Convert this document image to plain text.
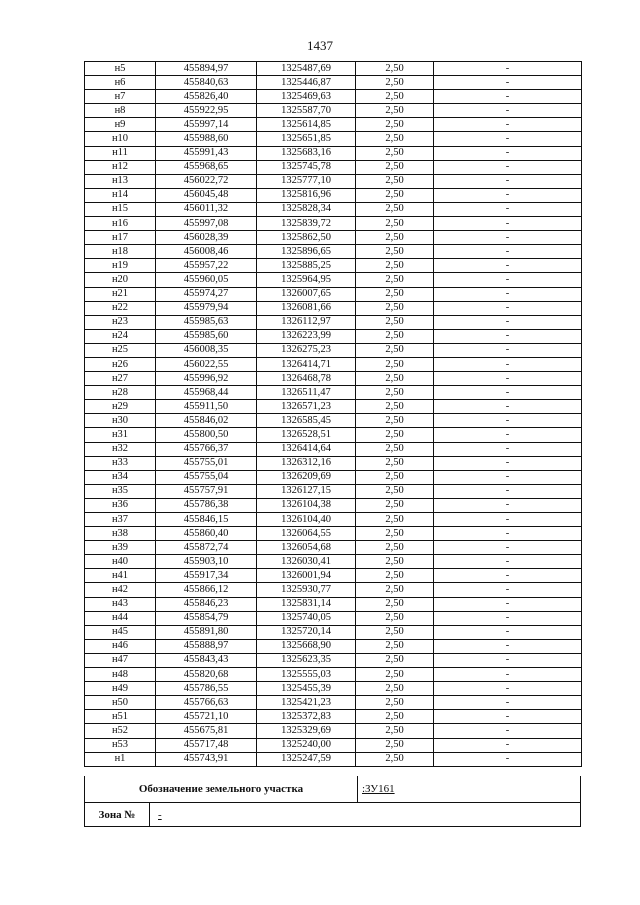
1437
н5	455894,97	1325487,69	2,50	-
н6	455840,63	1325446,87	2,50	-
н7	455826,40	1325469,63	2,50	-
н8	455922,95	1325587,70	2,50	-
н9	455997,14	1325614,85	2,50	-
н10	455988,60	1325651,85	2,50	-
н11	455991,43	1325683,16	2,50	-
н12	455968,65	1325745,78	2,50	-
н13	456022,72	1325777,10	2,50	-
н14	456045,48	1325816,96	2,50	-
н15	456011,32	1325828,34	2,50	-
н16	455997,08	1325839,72	2,50	-
н17	456028,39	1325862,50	2,50	-
н18	456008,46	1325896,65	2,50	-
н19	455957,22	1325885,25	2,50	-
н20	455960,05	1325964,95	2,50	-
н21	455974,27	1326007,65	2,50	-
н22	455979,94	1326081,66	2,50	-
н23	455985,63	1326112,97	2,50	-
н24	455985,60	1326223,99	2,50	-
н25	456008,35	1326275,23	2,50	-
н26	456022,55	1326414,71	2,50	-
н27	455996,92	1326468,78	2,50	-
н28	455968,44	1326511,47	2,50	-
н29	455911,50	1326571,23	2,50	-
н30	455846,02	1326585,45	2,50	-
н31	455800,50	1326528,51	2,50	-
н32	455766,37	1326414,64	2,50	-
н33	455755,01	1326312,16	2,50	-
н34	455755,04	1326209,69	2,50	-
н35	455757,91	1326127,15	2,50	-
н36	455786,38	1326104,38	2,50	-
н37	455846,15	1326104,40	2,50	-
н38	455860,40	1326064,55	2,50	-
н39	455872,74	1326054,68	2,50	-
н40	455903,10	1326030,41	2,50	-
н41	455917,34	1326001,94	2,50	-
н42	455866,12	1325930,77	2,50	-
н43	455846,23	1325831,14	2,50	-
н44	455854,79	1325740,05	2,50	-
н45	455891,80	1325720,14	2,50	-
н46	455888,97	1325668,90	2,50	-
н47	455843,43	1325623,35	2,50	-
н48	455820,68	1325555,03	2,50	-
н49	455786,55	1325455,39	2,50	-
н50	455766,63	1325421,23	2,50	-
н51	455721,10	1325372,83	2,50	-
н52	455675,81	1325329,69	2,50	-
н53	455717,48	1325240,00	2,50	-
н1	455743,91	1325247,59	2,50	-
Обозначение земельного участка	:ЗУ161
Зона №	-
